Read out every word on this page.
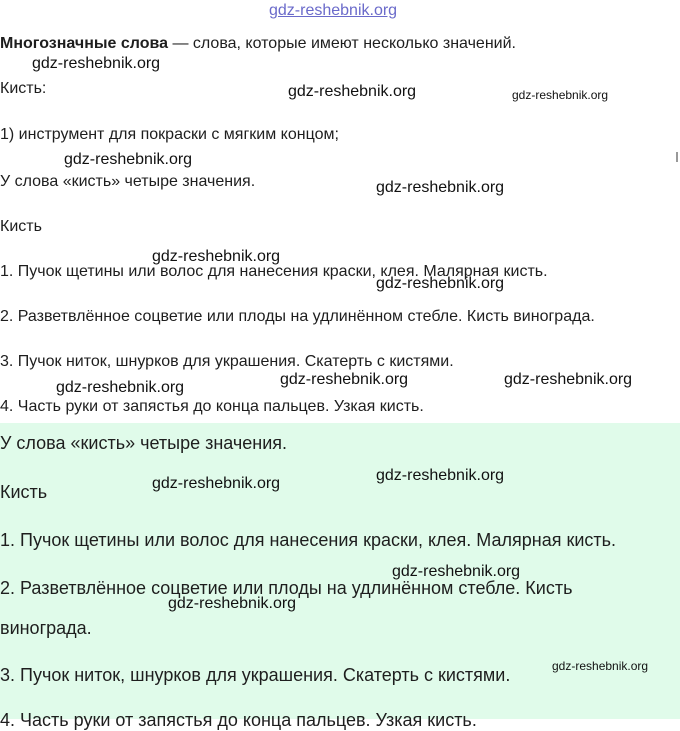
Многозначные слова — слова, которые имеют несколько значений.

Кисть:

1) инструмент для покраски с мягким концом;

У слова «кисть» четыре значения.

Кисть

1. Пучок щетины или волос для нанесения краски, клея. Малярная кисть.

2. Разветвлённое соцветие или плоды на удлинённом стебле. Кисть винограда.

3. Пучок ниток, шнурков для украшения. Скатерть с кистями.

4. Часть руки от запястья до конца пальцев. Узкая кисть.

У слова «кисть» четыре значения.

Кисть

1. Пучок щетины или волос для нанесения краски, клея. Малярная кисть.

2. Разветвлённое соцветие или плоды на удлинённом стебле. Кисть

винограда.

3. Пучок ниток, шнурков для украшения. Скатерть с кистями.

4. Часть руки от запястья до конца пальцев. Узкая кисть.

gdz-reshebnik.org
gdz-reshebnik.org
gdz-reshebnik.org	gdz-reshebnik.org
gdz-reshebnik.org
gdz-reshebnik.org
gdz-reshebnik.org
gdz-reshebnik.org
gdz-reshebnik.org	gdz-reshebnik.org	gdz-reshebnik.org
gdz-reshebnik.org
gdz-reshebnik.org
gdz-reshebnik.org
gdz-reshebnik.org
gdz-reshebnik.org
